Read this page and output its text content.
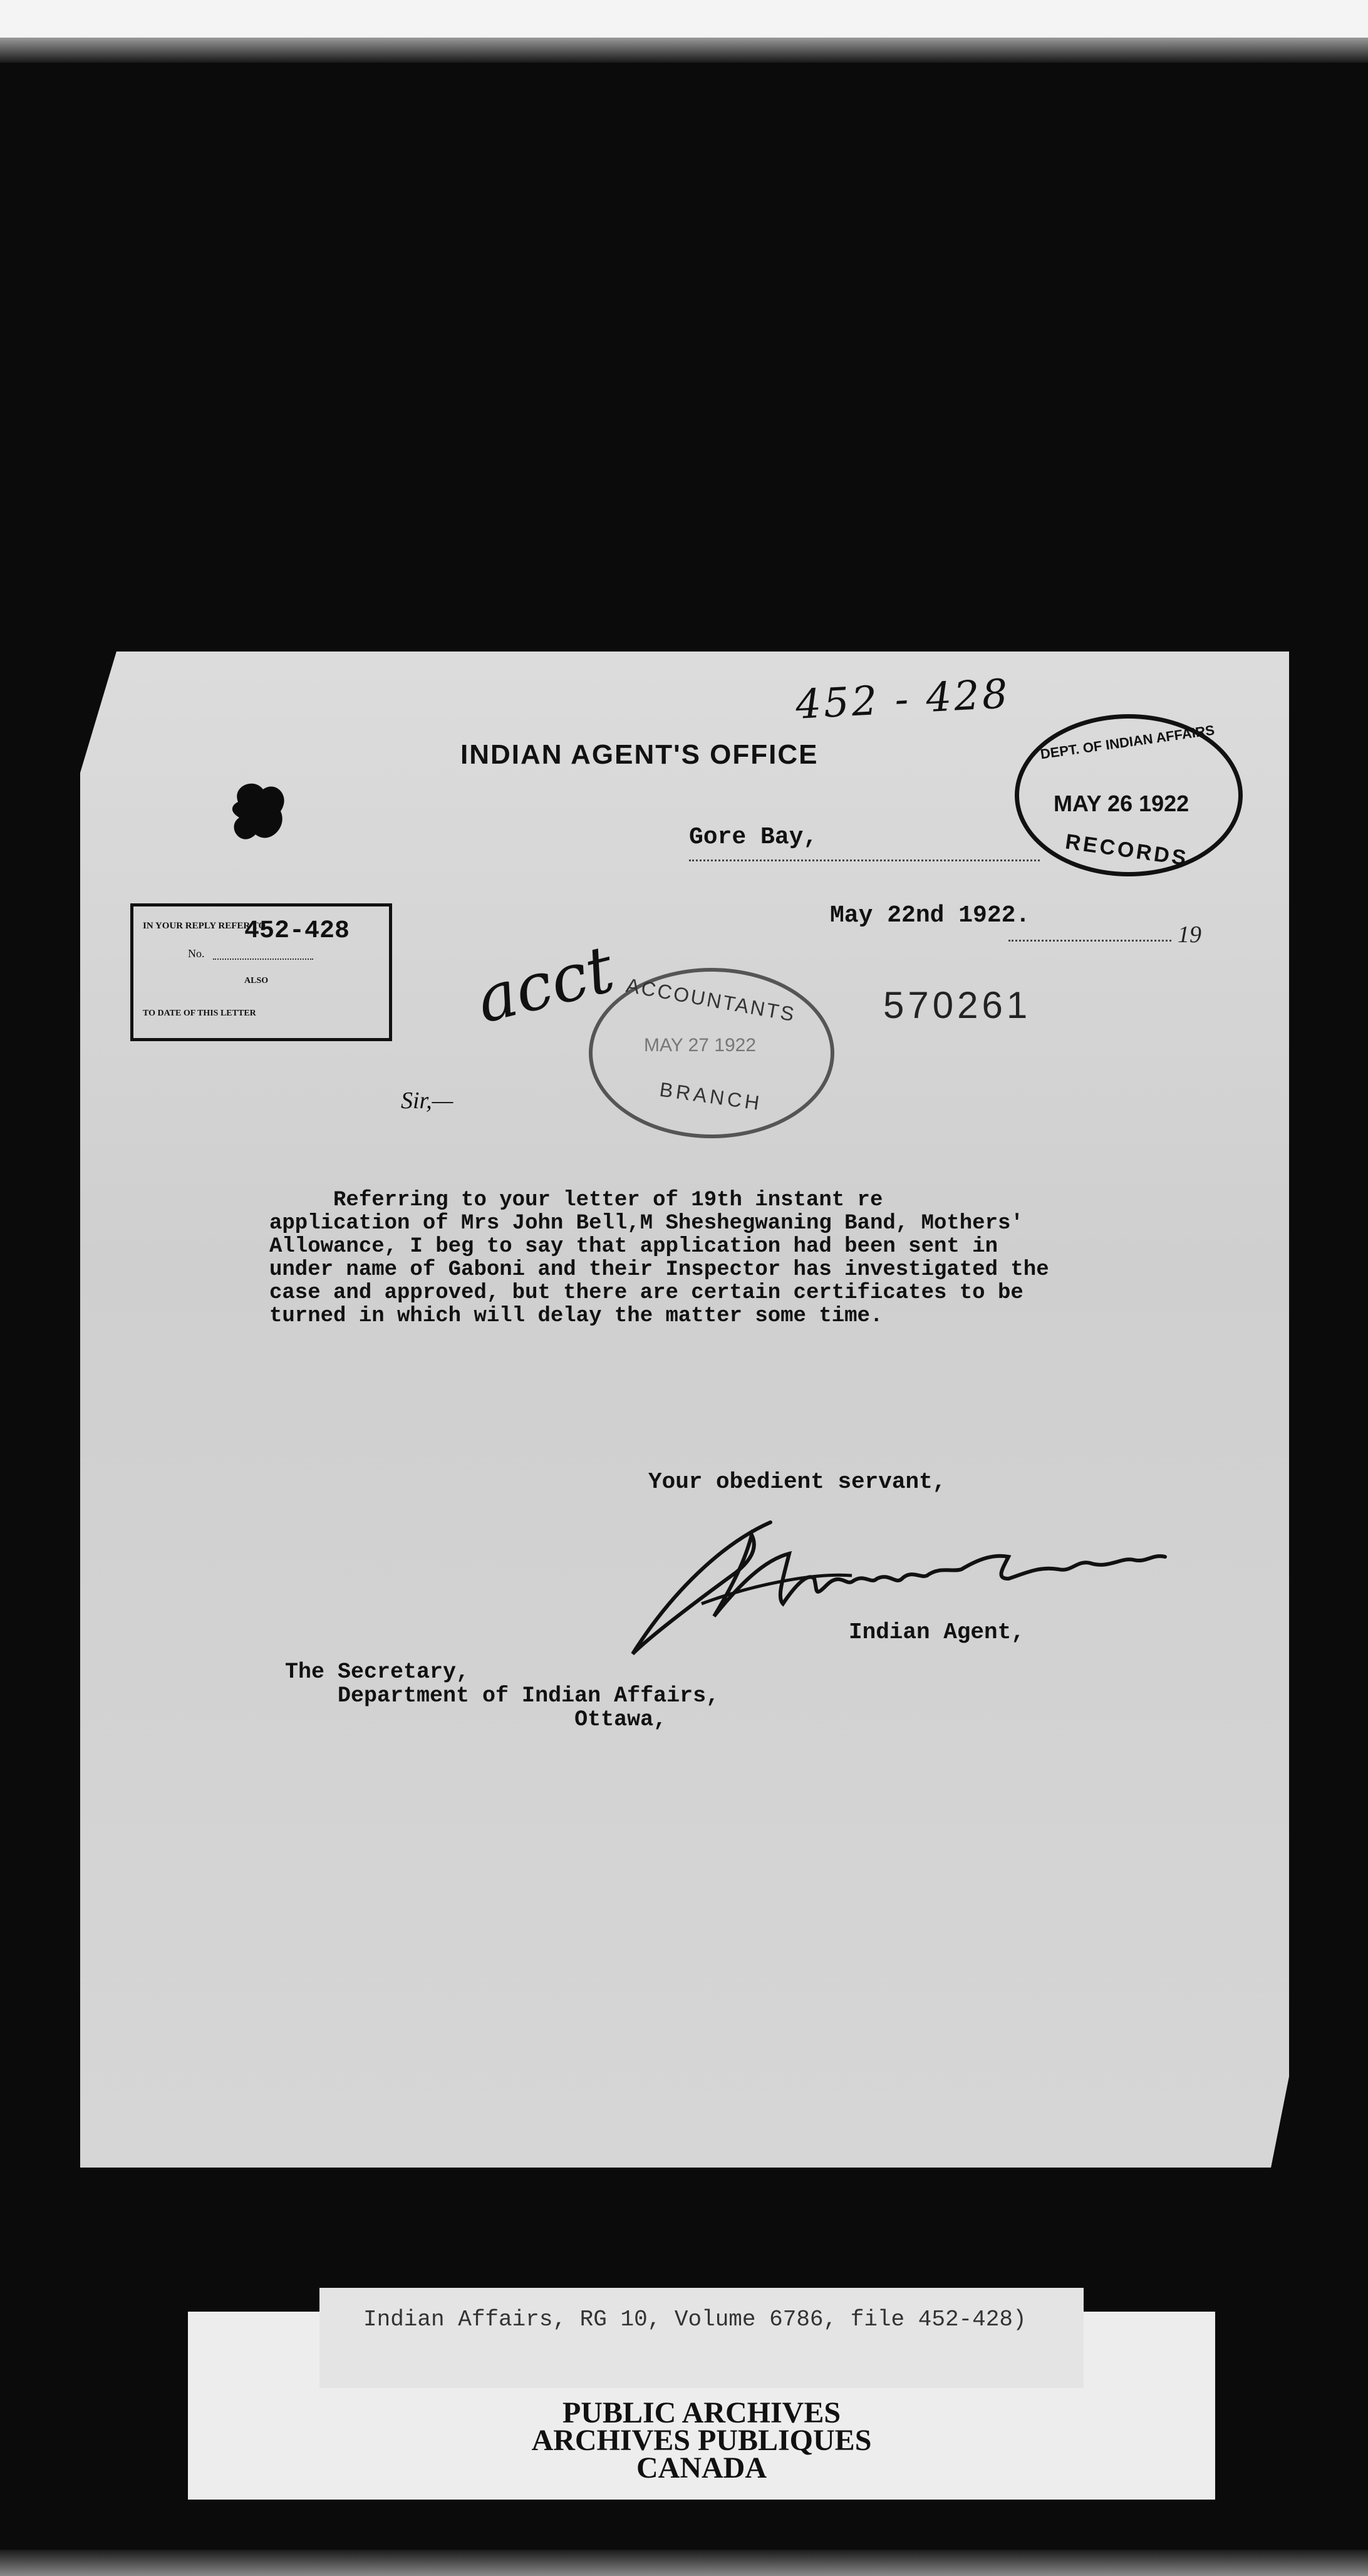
452 - 428
INDIAN AGENT'S OFFICE
Gore Bay,
May 22nd 1922.
19
IN YOUR REPLY REFER TO
452-428
No.
ALSO
TO DATE OF THIS LETTER	acct
DEPT. OF INDIAN AFFAIRS
MAY 26 1922
RECORDS
ACCOUNTANTS
MAY 27 1922
BRANCH
570261
Sir,—
Referring to your letter of 19th instant re
application of Mrs John Bell,M Sheshegwaning Band, Mothers'
Allowance, I beg to say that application had been sent in
under name of Gaboni and their Inspector has investigated the
case and approved, but there are certain certificates to be
turned in which will delay the matter some time.
Your obedient servant,
Indian Agent,
The Secretary,
Department of Indian Affairs,
Ottawa,
Indian Affairs, RG 10, Volume 6786, file 452-428)
PUBLIC ARCHIVES
ARCHIVES PUBLIQUES
CANADA
